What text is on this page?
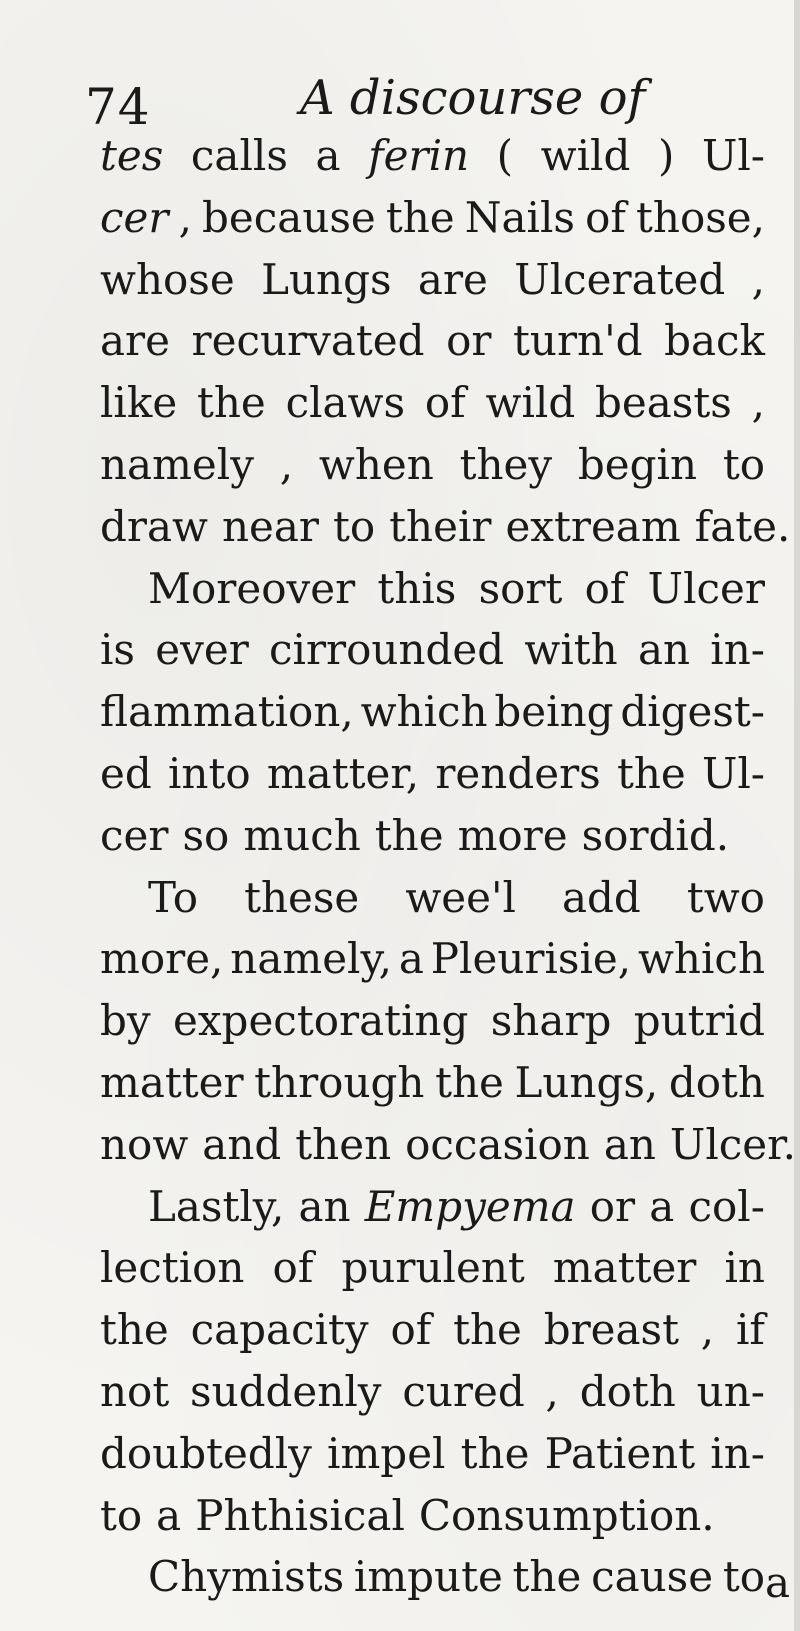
74	A discourse of
tes calls a ferin ( wild ) Ul-
cer , because the Nails of those,
whose Lungs are Ulcerated ,
are recurvated or turn'd back
like the claws of wild beasts ,
namely , when they begin to
draw near to their extream fate.
Moreover this sort of Ulcer
is ever cirrounded with an in-
flammation, which being digest-
ed into matter, renders the Ul-
cer so much the more sordid.
To these wee'l add two
more, namely, a Pleurisie, which
by expectorating sharp putrid
matter through the Lungs, doth
now and then occasion an Ulcer.
Lastly, an Empyema or a col-
lection of purulent matter in
the capacity of the breast , if
not suddenly cured , doth un-
doubtedly impel the Patient in-
to a Phthisical Consumption.
Chymists impute the cause to a
